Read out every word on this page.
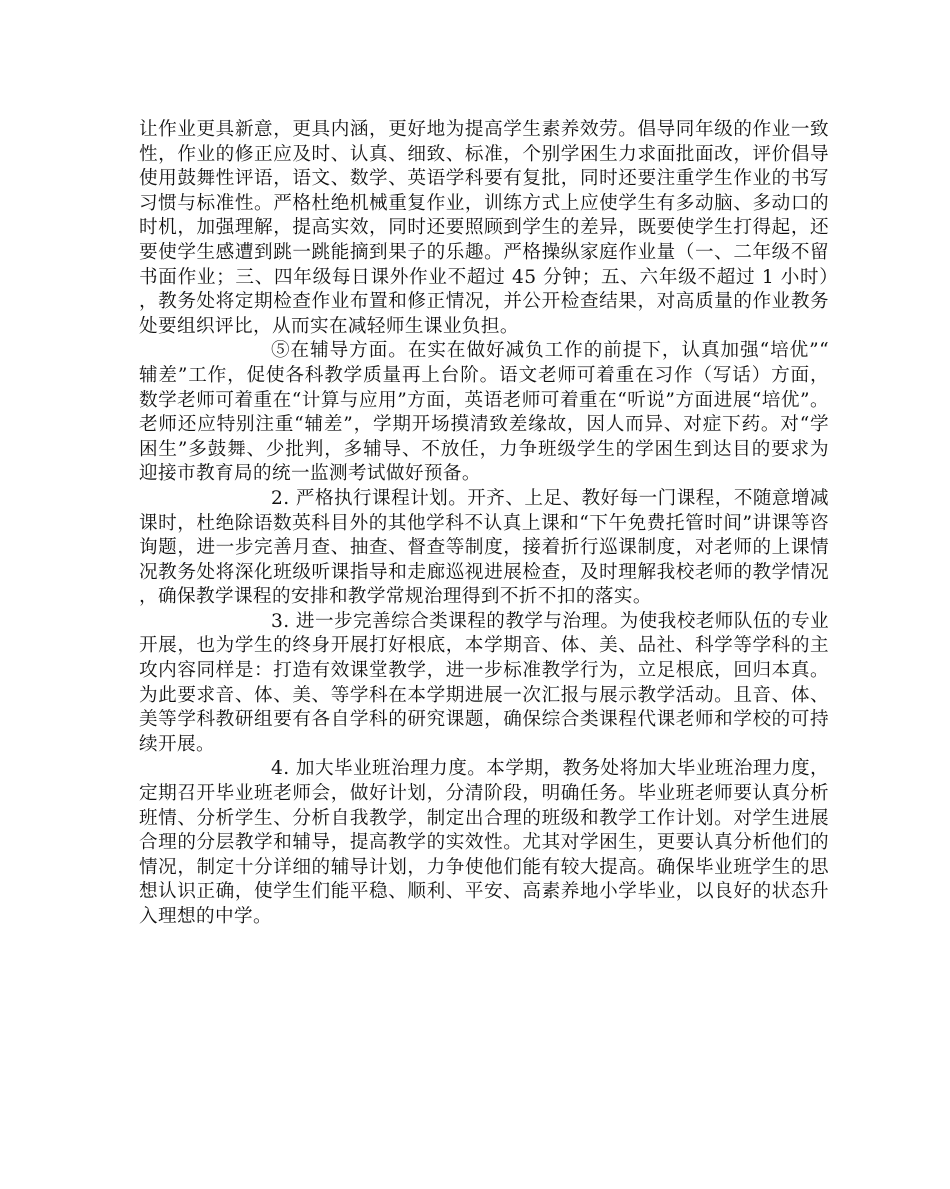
让作业更具新意，更具内涵，更好地为提高学生素养效劳。倡导同年级的作业一致性，作业的修正应及时、认真、细致、标准，个别学困生力求面批面改，评价倡导使用鼓舞性评语，语文、数学、英语学科要有复批，同时还要注重学生作业的书写习惯与标准性。严格杜绝机械重复作业，训练方式上应使学生有多动脑、多动口的时机，加强理解，提高实效，同时还要照顾到学生的差异，既要使学生打得起，还要使学生感遭到跳一跳能摘到果子的乐趣。严格操纵家庭作业量（一、二年级不留书面作业；三、四年级每日课外作业不超过 45 分钟；五、六年级不超过 1 小时），教务处将定期检查作业布置和修正情况，并公开检查结果，对高质量的作业教务处要组织评比，从而实在减轻师生课业负担。

⑤在辅导方面。在实在做好减负工作的前提下，认真加强“培优”“辅差”工作，促使各科教学质量再上台阶。语文老师可着重在习作（写话）方面，数学老师可着重在“计算与应用”方面，英语老师可着重在“听说”方面进展“培优”。老师还应特别注重“辅差”，学期开场摸清致差缘故，因人而异、对症下药。对“学困生”多鼓舞、少批判，多辅导、不放任，力争班级学生的学困生到达目的要求为迎接市教育局的统一监测考试做好预备。

2. 严格执行课程计划。开齐、上足、教好每一门课程，不随意增减课时，杜绝除语数英科目外的其他学科不认真上课和“下午免费托管时间”讲课等咨询题，进一步完善月查、抽查、督查等制度，接着折行巡课制度，对老师的上课情况教务处将深化班级听课指导和走廊巡视进展检查，及时理解我校老师的教学情况，确保教学课程的安排和教学常规治理得到不折不扣的落实。

3. 进一步完善综合类课程的教学与治理。为使我校老师队伍的专业开展，也为学生的终身开展打好根底，本学期音、体、美、品社、科学等学科的主攻内容同样是：打造有效课堂教学，进一步标准教学行为，立足根底，回归本真。为此要求音、体、美、等学科在本学期进展一次汇报与展示教学活动。且音、体、美等学科教研组要有各自学科的研究课题，确保综合类课程代课老师和学校的可持续开展。

4. 加大毕业班治理力度。本学期，教务处将加大毕业班治理力度，定期召开毕业班老师会，做好计划，分清阶段，明确任务。毕业班老师要认真分析班情、分析学生、分析自我教学，制定出合理的班级和教学工作计划。对学生进展合理的分层教学和辅导，提高教学的实效性。尤其对学困生，更要认真分析他们的情况，制定十分详细的辅导计划，力争使他们能有较大提高。确保毕业班学生的思想认识正确，使学生们能平稳、顺利、平安、高素养地小学毕业，以良好的状态升入理想的中学。
